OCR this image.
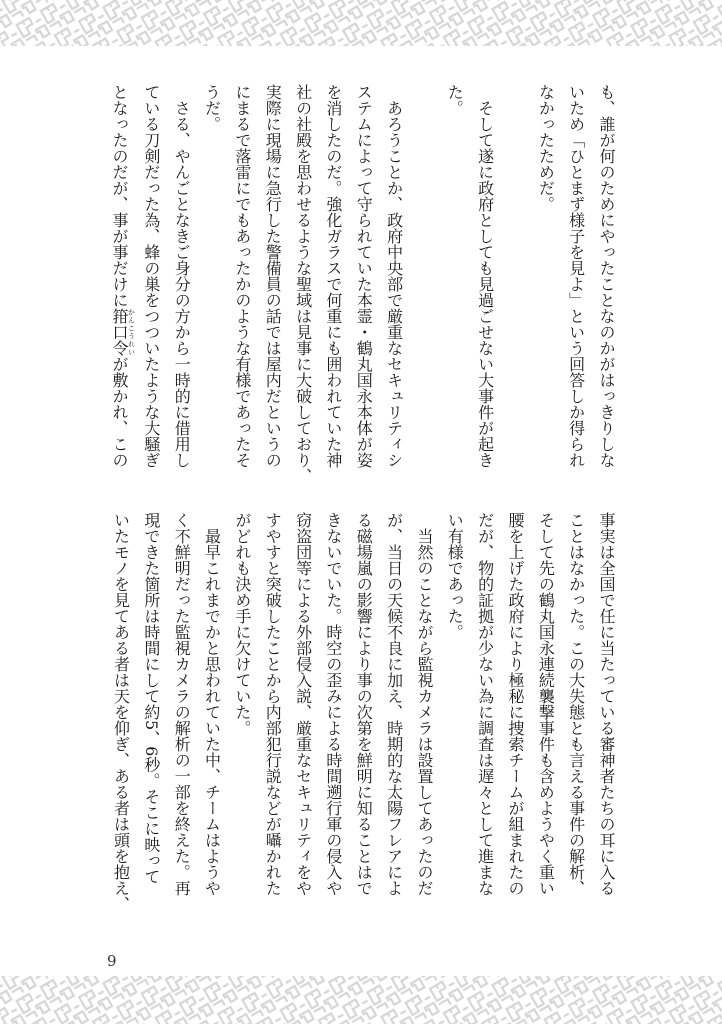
も、誰が何のためにやったことなのかがはっきりしな
いため「ひとまず様子を見よ」という回答しか得られ
なかったためだ。
　そして遂に政府としても見過ごせない大事件が起き
た。
　あろうことか、政府中央部で厳重なセキュリティシ
ステムによって守られていた本霊・鶴丸国永本体が姿
を消したのだ。強化ガラスで何重にも囲われていた神
社の社殿を思わせるような聖域は見事に大破しており、
実際に現場に急行した警備員の話では屋内だというの
にまるで落雷にでもあったかのような有様であったそ
うだ。
　さる、やんごとなきご身分の方から一時的に借用し
ている刀剣だった為、蜂の巣をつついたような大騒ぎ
となったのだが、事が事だけに箝口令かんこうれいが敷かれ、この
事実は全国で任に当たっている審神者たちの耳に入る
ことはなかった。この大失態とも言える事件の解析、
そして先の鶴丸国永連続襲撃事件も含めようやく重い
腰を上げた政府により極秘に捜索チームが組まれたの
だが、物的証拠が少ない為に調査は遅々として進まな
い有様であった。
　当然のことながら監視カメラは設置してあったのだ
が、当日の天候不良に加え、時期的な太陽フレアによ
る磁場嵐の影響により事の次第を鮮明に知ることはで
きないでいた。時空の歪みによる時間遡行軍の侵入や
窃盗団等による外部侵入説、厳重なセキュリティをや
すやすと突破したことから内部犯行説などが囁かれた
がどれも決め手に欠けていた。
　最早これまでかと思われていた中、チームはようや
く不鮮明だった監視カメラの解析の一部を終えた。再
現できた箇所は時間にして約5、6秒。そこに映って
いたモノを見てある者は天を仰ぎ、ある者は頭を抱え、
9
